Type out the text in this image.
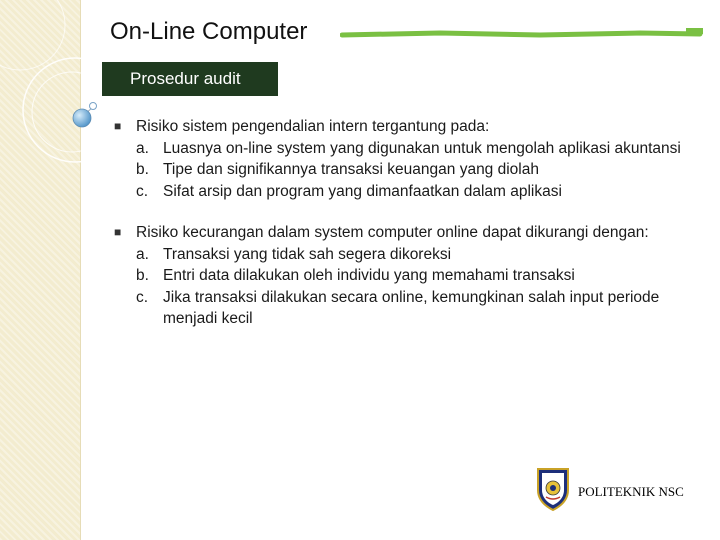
On-Line Computer
Prosedur audit
■ Risiko sistem pengendalian intern tergantung pada:
a. Luasnya on-line system yang digunakan untuk mengolah aplikasi akuntansi
b. Tipe dan signifikannya transaksi keuangan yang diolah
c. Sifat arsip dan program yang dimanfaatkan dalam aplikasi
■ Risiko kecurangan dalam system computer online dapat dikurangi dengan:
a. Transaksi yang tidak sah segera dikoreksi
b. Entri data dilakukan oleh individu yang memahami transaksi
c. Jika transaksi dilakukan secara online, kemungkinan salah input periode menjadi kecil
POLITEKNIK NSC
